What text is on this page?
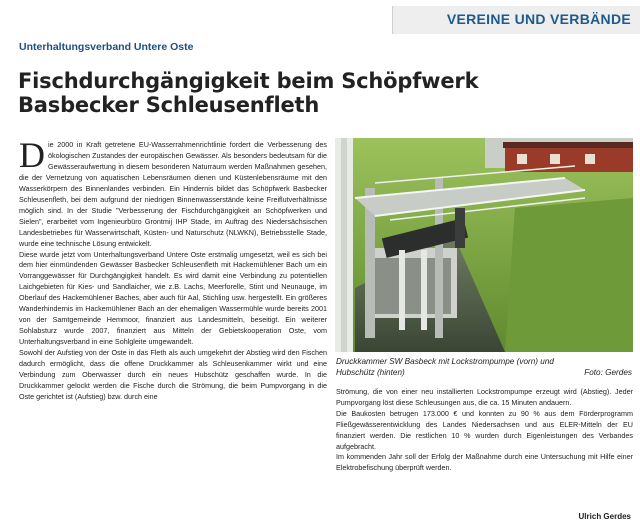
VEREINE UND VERBÄNDE
Unterhaltungsverband Untere Oste
Fischdurchgängigkeit beim Schöpfwerk
Basbecker Schleusenfleth

Die 2000 in Kraft getretene EU-Wasserrahmenrichtlinie fordert die Verbesserung des ökologischen Zustandes der europäischen Gewässer. Als besonders bedeutsam für die Gewässeraufwertung in diesem besonderen Naturraum werden Maßnahmen gesehen, die der Vernetzung von aquatischen Lebensräumen dienen und Küstenlebensräume mit den Wasserkörpern des Binnenlandes verbinden. Ein Hindernis bildet das Schöpfwerk Basbecker Schleusenfleth, bei dem aufgrund der niedrigen Binnenwasserstände keine Freiflutverhältnisse möglich sind. In der Studie "Verbesserung der Fischdurchgängigkeit an Schöpfwerken und Sielen", erarbeitet vom Ingenieurbüro Grontmij IHP Stade, im Auftrag des Niedersächsischen Landesbetriebes für Wasserwirtschaft, Küsten- und Naturschutz (NLWKN), Betriebsstelle Stade, wurde eine technische Lösung entwickelt.

Diese wurde jetzt vom Unterhaltungsverband Untere Oste erstmalig umgesetzt, weil es sich bei dem hier einmündenden Gewässer Basbecker Schleusenfleth mit Hackemühlener Bach um ein Vorranggewässer für Durchgängigkeit handelt. Es wird damit eine Verbindung zu potentiellen Laichgebieten für Kies- und Sandlaicher, wie z.B. Lachs, Meerforelle, Stint und Neunauge, im Oberlauf des Hackemühlener Baches, aber auch für Aal, Stichling usw. hergestellt. Ein größeres Wanderhindernis im Hackemühlener Bach an der ehemaligen Wassermühle wurde bereits 2001 von der Samtgemeinde Hemmoor, finanziert aus Landesmitteln, beseitigt. Ein weiterer Sohlabsturz wurde 2007, finanziert aus Mitteln der Gebietskooperation Oste, vom Unterhaltungsverband in eine Sohlgleite umgewandelt.

Sowohl der Aufstieg von der Oste in das Fleth als auch umgekehrt der Abstieg wird den Fischen dadurch ermöglicht, dass die offene Druckkammer als Schleusenkammer wirkt und eine Verbindung zum Oberwasser durch ein neues Hubschütz geschaffen wurde. In die Druckkammer gelockt werden die Fische durch die Strömung, die beim Pumpvorgang in die Oste gerichtet ist (Aufstieg) bzw. durch eine

Druckkammer SW Basbeck mit Lockstrompumpe (vorn) und
Hubschütz (hinten)	Foto: Gerdes

Strömung, die von einer neu installierten Lockstrompumpe erzeugt wird (Abstieg). Jeder Pumpvorgang löst diese Schleusungen aus, die ca. 15 Minuten andauern.

Die Baukosten betrugen 173.000 € und konnten zu 90 % aus dem Förderprogramm Fließgewässerentwicklung des Landes Niedersachsen und aus ELER-Mitteln der EU finanziert werden. Die restlichen 10 % wurden durch Eigenleistungen des Verbandes aufgebracht.

Im kommenden Jahr soll der Erfolg der Maßnahme durch eine Untersuchung mit Hilfe einer Elektrobefischung überprüft werden.

Ulrich Gerdes
